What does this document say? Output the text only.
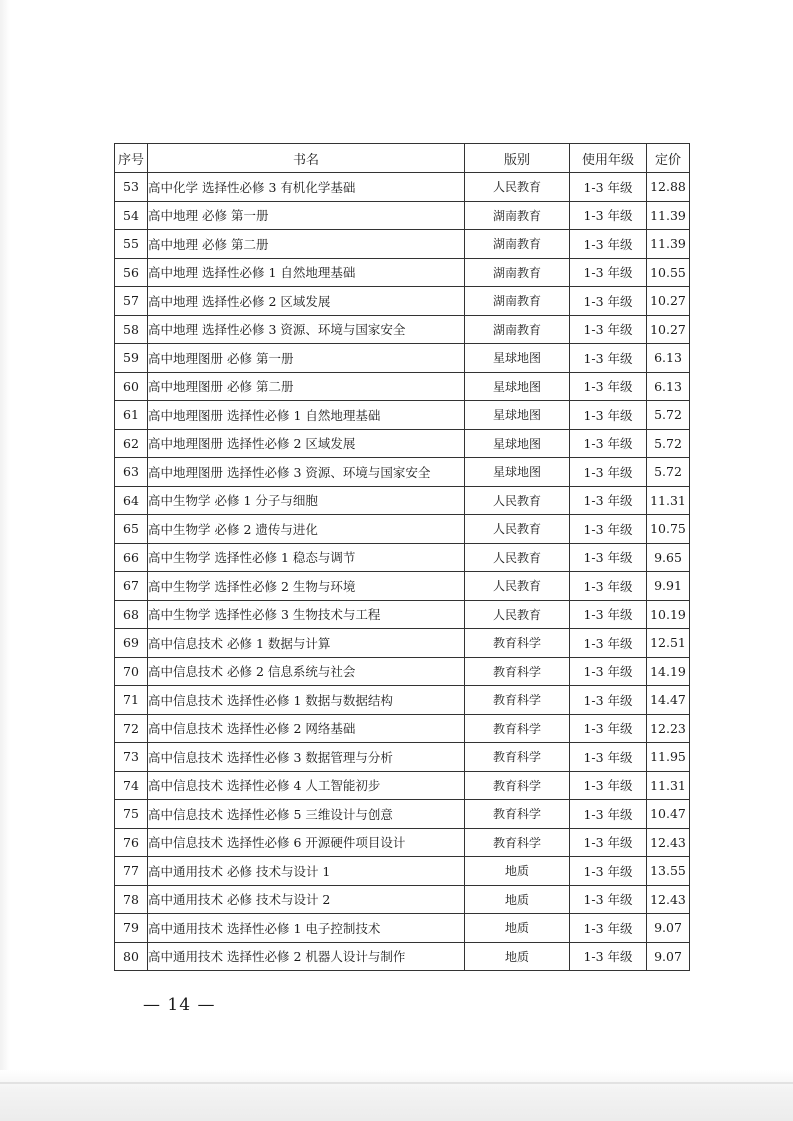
序号	书名	版别	使用年级	定价
53	高中化学 选择性必修 3 有机化学基础	人民教育	1-3 年级	12.88
54	高中地理 必修 第一册	湖南教育	1-3 年级	11.39
55	高中地理 必修 第二册	湖南教育	1-3 年级	11.39
56	高中地理 选择性必修 1 自然地理基础	湖南教育	1-3 年级	10.55
57	高中地理 选择性必修 2 区域发展	湖南教育	1-3 年级	10.27
58	高中地理 选择性必修 3 资源、环境与国家安全	湖南教育	1-3 年级	10.27
59	高中地理图册 必修 第一册	星球地图	1-3 年级	6.13
60	高中地理图册 必修 第二册	星球地图	1-3 年级	6.13
61	高中地理图册 选择性必修 1 自然地理基础	星球地图	1-3 年级	5.72
62	高中地理图册 选择性必修 2 区域发展	星球地图	1-3 年级	5.72
63	高中地理图册 选择性必修 3 资源、环境与国家安全	星球地图	1-3 年级	5.72
64	高中生物学 必修 1 分子与细胞	人民教育	1-3 年级	11.31
65	高中生物学 必修 2 遗传与进化	人民教育	1-3 年级	10.75
66	高中生物学 选择性必修 1 稳态与调节	人民教育	1-3 年级	9.65
67	高中生物学 选择性必修 2 生物与环境	人民教育	1-3 年级	9.91
68	高中生物学 选择性必修 3 生物技术与工程	人民教育	1-3 年级	10.19
69	高中信息技术 必修 1 数据与计算	教育科学	1-3 年级	12.51
70	高中信息技术 必修 2 信息系统与社会	教育科学	1-3 年级	14.19
71	高中信息技术 选择性必修 1 数据与数据结构	教育科学	1-3 年级	14.47
72	高中信息技术 选择性必修 2 网络基础	教育科学	1-3 年级	12.23
73	高中信息技术 选择性必修 3 数据管理与分析	教育科学	1-3 年级	11.95
74	高中信息技术 选择性必修 4 人工智能初步	教育科学	1-3 年级	11.31
75	高中信息技术 选择性必修 5 三维设计与创意	教育科学	1-3 年级	10.47
76	高中信息技术 选择性必修 6 开源硬件项目设计	教育科学	1-3 年级	12.43
77	高中通用技术 必修 技术与设计 1	地质	1-3 年级	13.55
78	高中通用技术 必修 技术与设计 2	地质	1-3 年级	12.43
79	高中通用技术 选择性必修 1 电子控制技术	地质	1-3 年级	9.07
80	高中通用技术 选择性必修 2 机器人设计与制作	地质	1-3 年级	9.07
— 14 —
